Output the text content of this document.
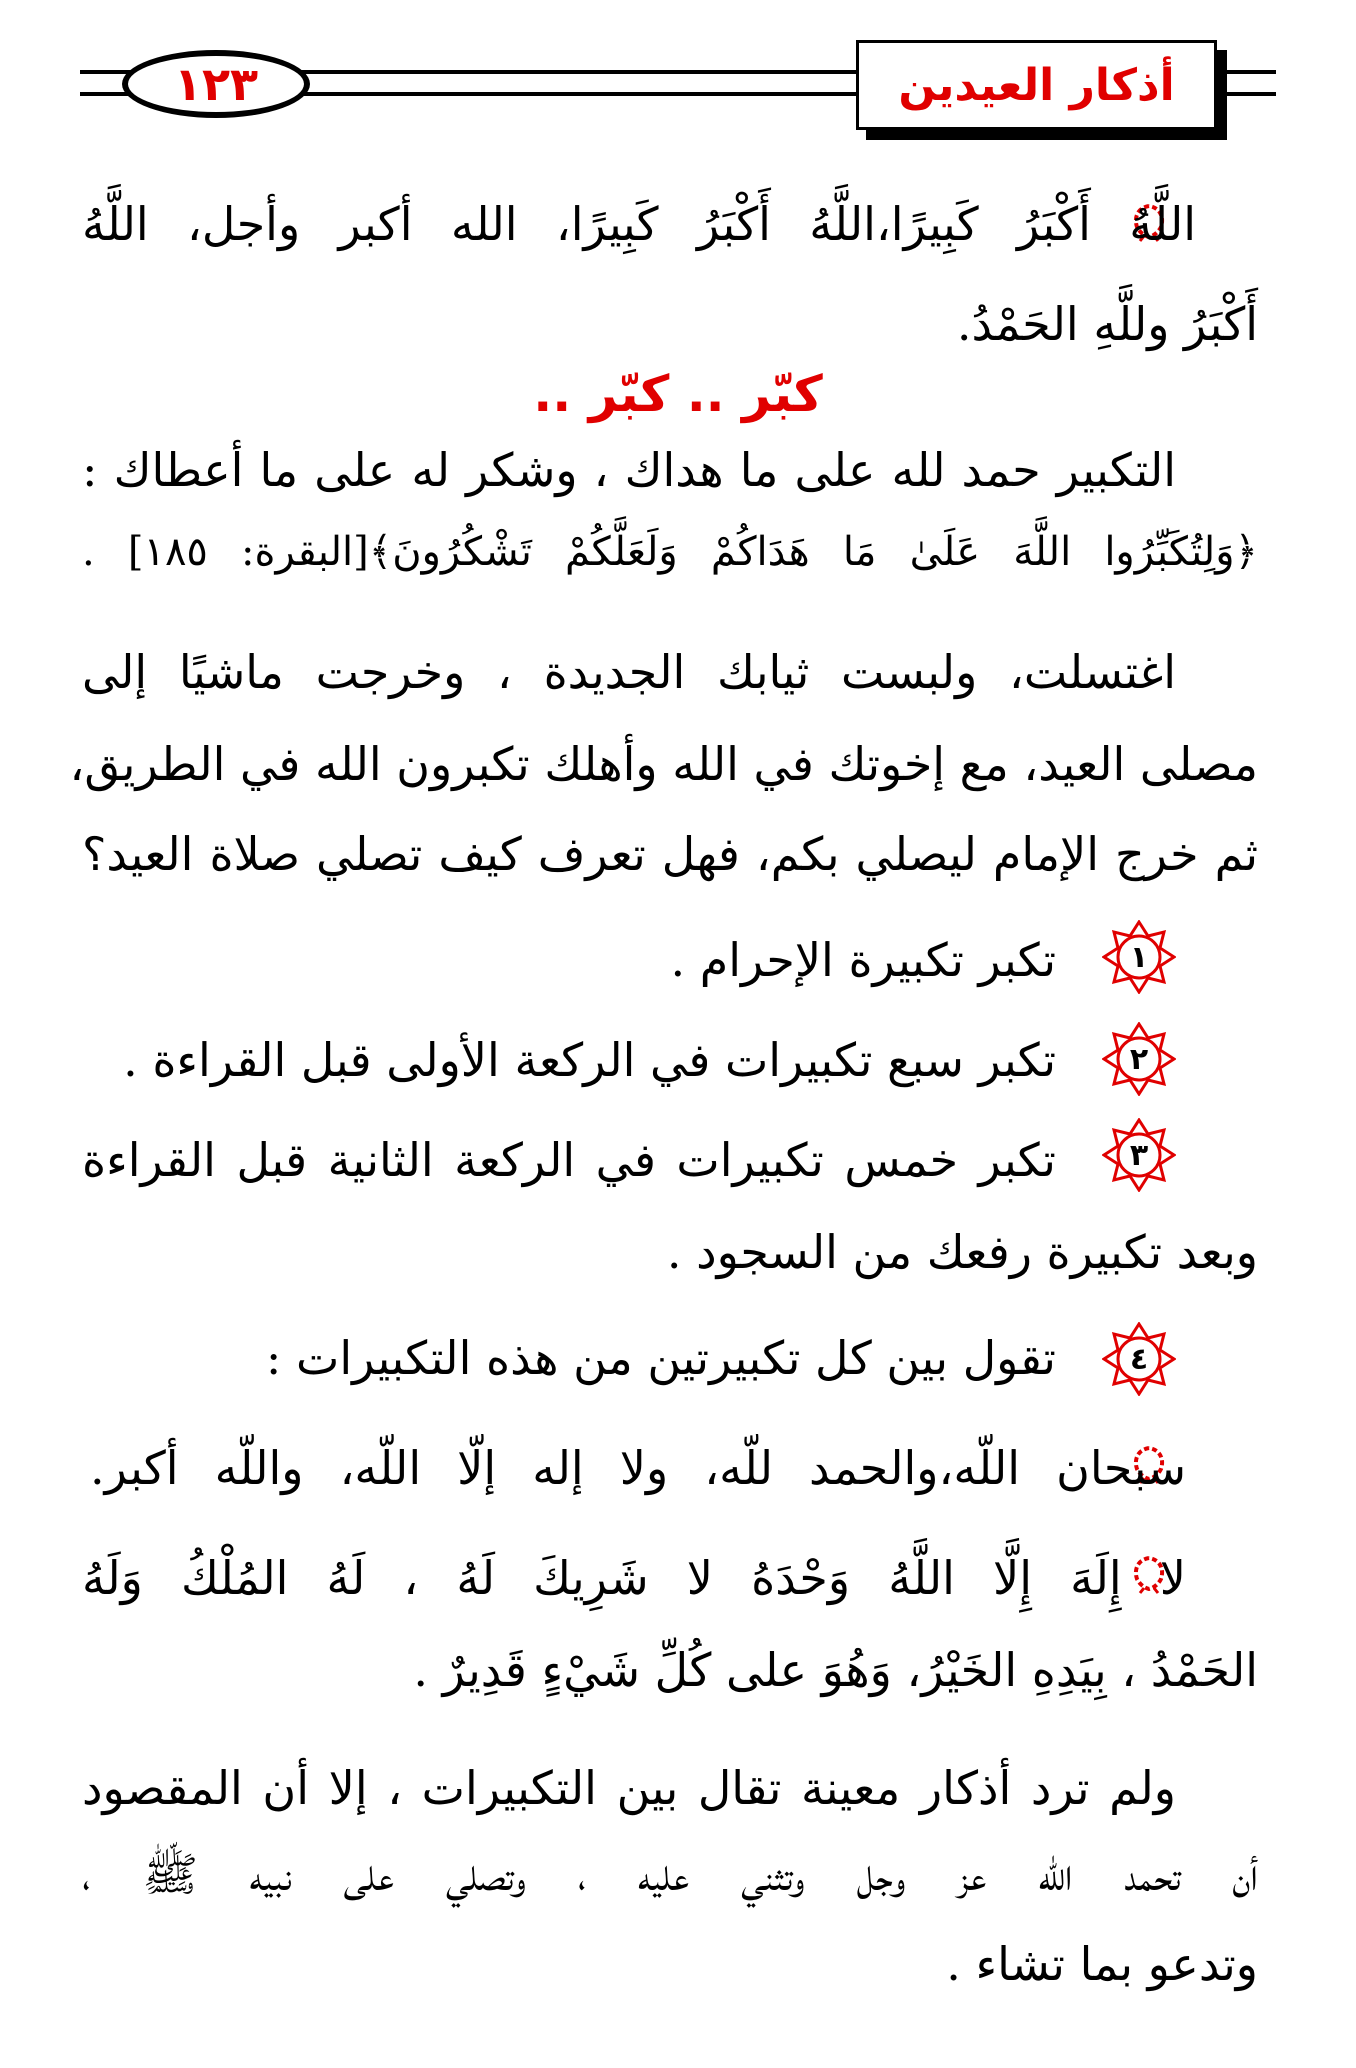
١٢٣	أذكار العيدين
اللَّهُ أَكْبَرُ كَبِيرًا،اللَّهُ أَكْبَرُ كَبِيرًا، الله أكبر وأجل، اللَّهُ
أَكْبَرُ وللَّهِ الحَمْدُ.
كبّر .. كبّر ..
التكبير حمد لله على ما هداك ، وشكر له على ما أعطاك :
﴿وَلِتُكَبِّرُوا اللَّهَ عَلَىٰ مَا هَدَاكُمْ وَلَعَلَّكُمْ تَشْكُرُونَ﴾[البقرة: ١٨٥] .
اغتسلت، ولبست ثيابك الجديدة ، وخرجت ماشيًا إلى
مصلى العيد، مع إخوتك في الله وأهلك تكبرون الله في الطريق،
ثم خرج الإمام ليصلي بكم، فهل تعرف كيف تصلي صلاة العيد؟
١
تكبر تكبيرة الإحرام .
٢
تكبر سبع تكبيرات في الركعة الأولى قبل القراءة .
٣
تكبر خمس تكبيرات في الركعة الثانية قبل القراءة
وبعد تكبيرة رفعك من السجود .
٤
تقول بين كل تكبيرتين من هذه التكبيرات :
سبحان اللّه،والحمد للّه، ولا إله إلّا اللّه، واللّه أكبر.
لا إِلَهَ إِلَّا اللَّهُ وَحْدَهُ لا شَرِيكَ لَهُ ، لَهُ المُلْكُ وَلَهُ
الحَمْدُ ، بِيَدِهِ الخَيْرُ، وَهُوَ على كُلِّ شَيْءٍ قَدِيرٌ .
ولم ترد أذكار معينة تقال بين التكبيرات ، إلا أن المقصود
أن تحمد الله عز وجل وتثني عليه ، وتصلي على نبيه ﷺ ،
وتدعو بما تشاء .
